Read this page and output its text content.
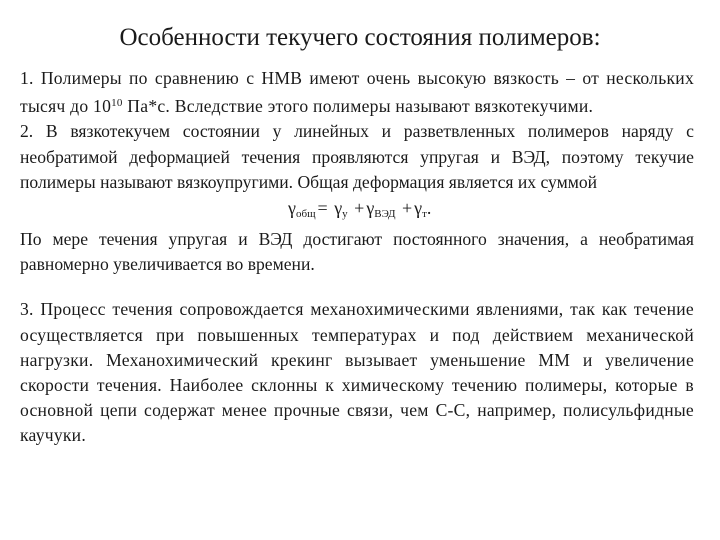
Особенности текучего состояния полимеров:

1. Полимеры по сравнению с НМВ имеют очень высокую вязкость – от нескольких тысяч до $10^{10}$ Па*с. Вследствие этого полимеры называют вязкотекучими.

2. В вязкотекучем состоянии у линейных и разветвленных полимеров наряду с необратимой деформацией течения проявляются упругая и ВЭД, поэтому текучие полимеры называют вязкоупругими. Общая деформация является их суммой

$\gamma_{общ} = \gamma_у + \gamma_{ВЭД} + \gamma_т$.

По мере течения упругая и ВЭД достигают постоянного значения, а необратимая равномерно увеличивается во времени.

3. Процесс течения сопровождается механохимическими явлениями, так как течение осуществляется при повышенных температурах и под действием механической нагрузки. Механохимический крекинг вызывает уменьшение ММ и увеличение скорости течения. Наиболее склонны к химическому течению полимеры, которые в основной цепи содержат менее прочные связи, чем С-С, например, полисульфидные каучуки.
